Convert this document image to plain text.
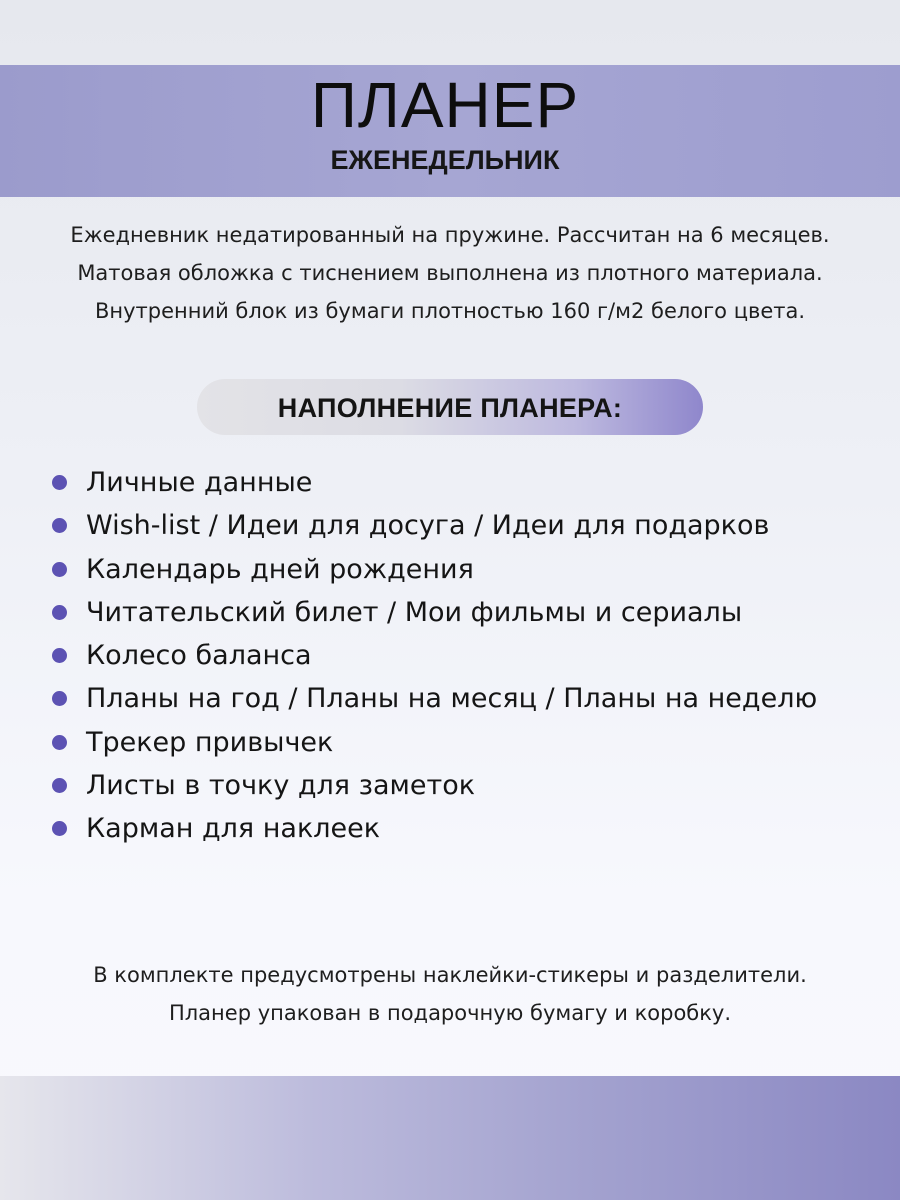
ПЛАНЕР
ЕЖЕНЕДЕЛЬНИК
Ежедневник недатированный на пружине. Рассчитан на 6 месяцев.
Матовая обложка с тиснением выполнена из плотного материала.
Внутренний блок из бумаги плотностью 160 г/м2 белого цвета.
НАПОЛНЕНИЕ ПЛАНЕРА:
Личные данные
Wish-list / Идеи для досуга / Идеи для подарков
Календарь дней рождения
Читательский билет / Мои фильмы и сериалы
Колесо баланса
Планы на год / Планы на месяц / Планы на неделю
Трекер привычек
Листы в точку для заметок
Карман для наклеек
В комплекте предусмотрены наклейки-стикеры и разделители.
Планер упакован в подарочную бумагу и коробку.
